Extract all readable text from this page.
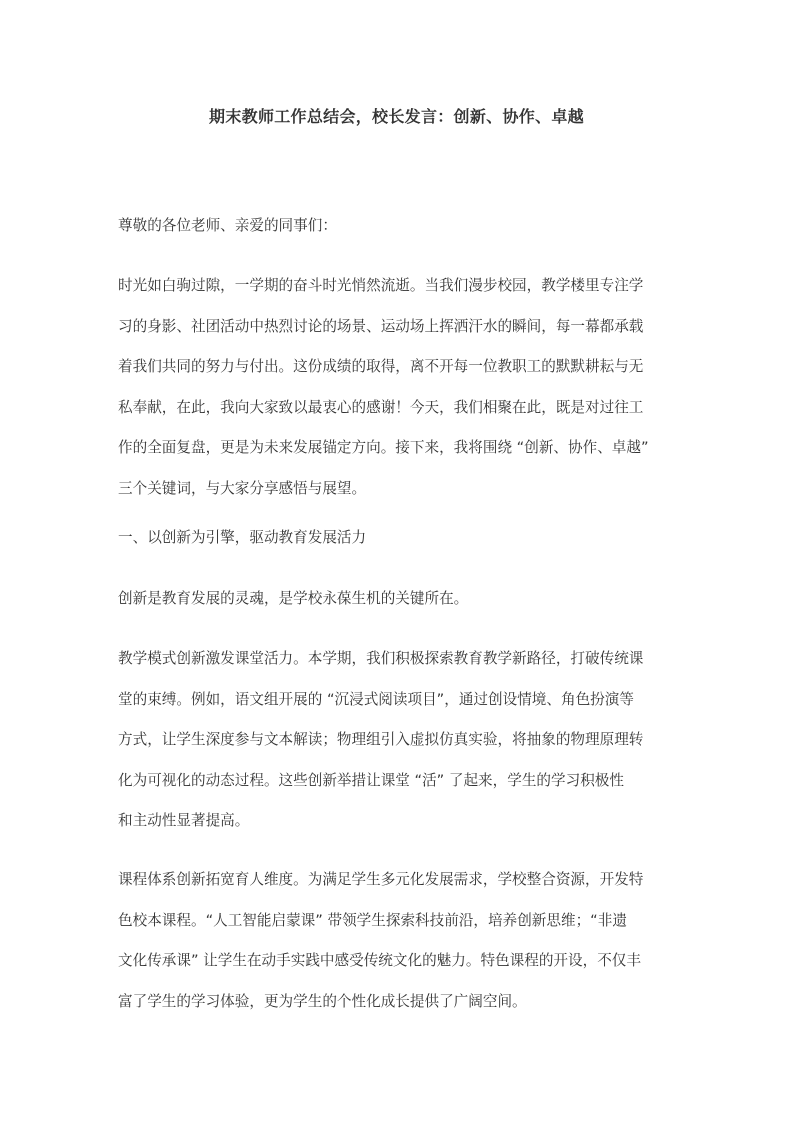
期末教师工作总结会，校长发言：创新、协作、卓越

尊敬的各位老师、亲爱的同事们：

时光如白驹过隙，一学期的奋斗时光悄然流逝。当我们漫步校园，教学楼里专注学
习的身影、社团活动中热烈讨论的场景、运动场上挥洒汗水的瞬间，每一幕都承载
着我们共同的努力与付出。这份成绩的取得，离不开每一位教职工的默默耕耘与无
私奉献，在此，我向大家致以最衷心的感谢！今天，我们相聚在此，既是对过往工
作的全面复盘，更是为未来发展锚定方向。接下来，我将围绕 “创新、协作、卓越”
三个关键词，与大家分享感悟与展望。

一、以创新为引擎，驱动教育发展活力

创新是教育发展的灵魂，是学校永葆生机的关键所在。

教学模式创新激发课堂活力。本学期，我们积极探索教育教学新路径，打破传统课
堂的束缚。例如，语文组开展的 “沉浸式阅读项目”，通过创设情境、角色扮演等
方式，让学生深度参与文本解读；物理组引入虚拟仿真实验，将抽象的物理原理转
化为可视化的动态过程。这些创新举措让课堂 “活” 了起来，学生的学习积极性
和主动性显著提高。

课程体系创新拓宽育人维度。为满足学生多元化发展需求，学校整合资源，开发特
色校本课程。“人工智能启蒙课” 带领学生探索科技前沿，培养创新思维；“非遗
文化传承课” 让学生在动手实践中感受传统文化的魅力。特色课程的开设，不仅丰
富了学生的学习体验，更为学生的个性化成长提供了广阔空间。
